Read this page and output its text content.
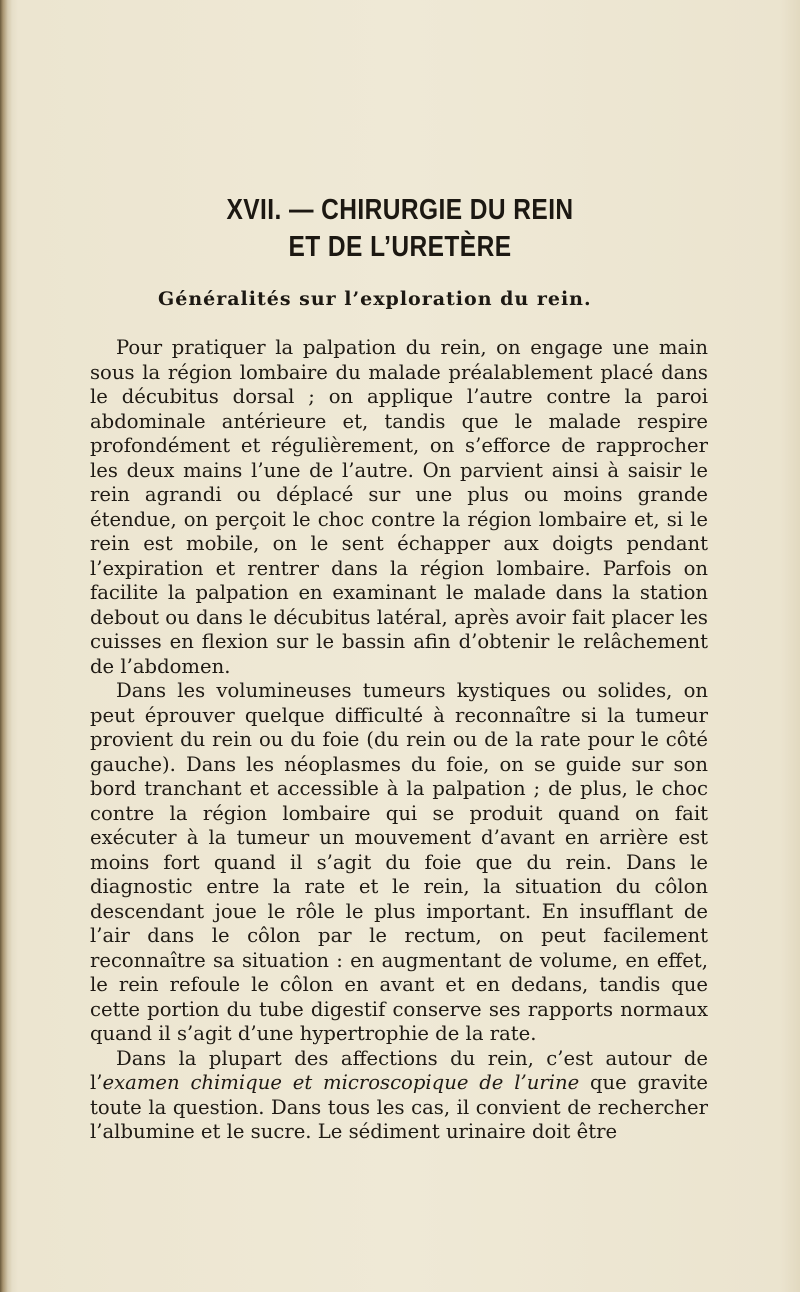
XVII. — CHIRURGIE DU REIN
ET DE L’URETÈRE
Généralités sur l’exploration du rein.

Pour pratiquer la palpation du rein, on engage une main sous la région lombaire du malade préalablement placé dans le décubitus dorsal ; on applique l’autre contre la paroi abdominale antérieure et, tandis que le malade respire profondément et régulièrement, on s’efforce de rapprocher les deux mains l’une de l’autre. On parvient ainsi à saisir le rein agrandi ou déplacé sur une plus ou moins grande étendue, on perçoit le choc contre la région lombaire et, si le rein est mobile, on le sent échapper aux doigts pendant l’expiration et rentrer dans la région lombaire. Parfois on facilite la palpation en examinant le malade dans la station debout ou dans le décubitus latéral, après avoir fait placer les cuisses en flexion sur le bassin afin d’obtenir le relâchement de l’abdomen.

Dans les volumineuses tumeurs kystiques ou solides, on peut éprouver quelque difficulté à reconnaître si la tumeur provient du rein ou du foie (du rein ou de la rate pour le côté gauche). Dans les néoplasmes du foie, on se guide sur son bord tranchant et accessible à la palpation ; de plus, le choc contre la région lombaire qui se produit quand on fait exécuter à la tumeur un mouvement d’avant en arrière est moins fort quand il s’agit du foie que du rein. Dans le diagnostic entre la rate et le rein, la situation du côlon descendant joue le rôle le plus important. En insufflant de l’air dans le côlon par le rectum, on peut facilement reconnaître sa situation : en augmentant de volume, en effet, le rein refoule le côlon en avant et en dedans, tandis que cette portion du tube digestif conserve ses rapports normaux quand il s’agit d’une hypertrophie de la rate.

Dans la plupart des affections du rein, c’est autour de l’examen chimique et microscopique de l’urine que gravite toute la question. Dans tous les cas, il convient de rechercher l’albumine et le sucre. Le sédiment urinaire doit être
